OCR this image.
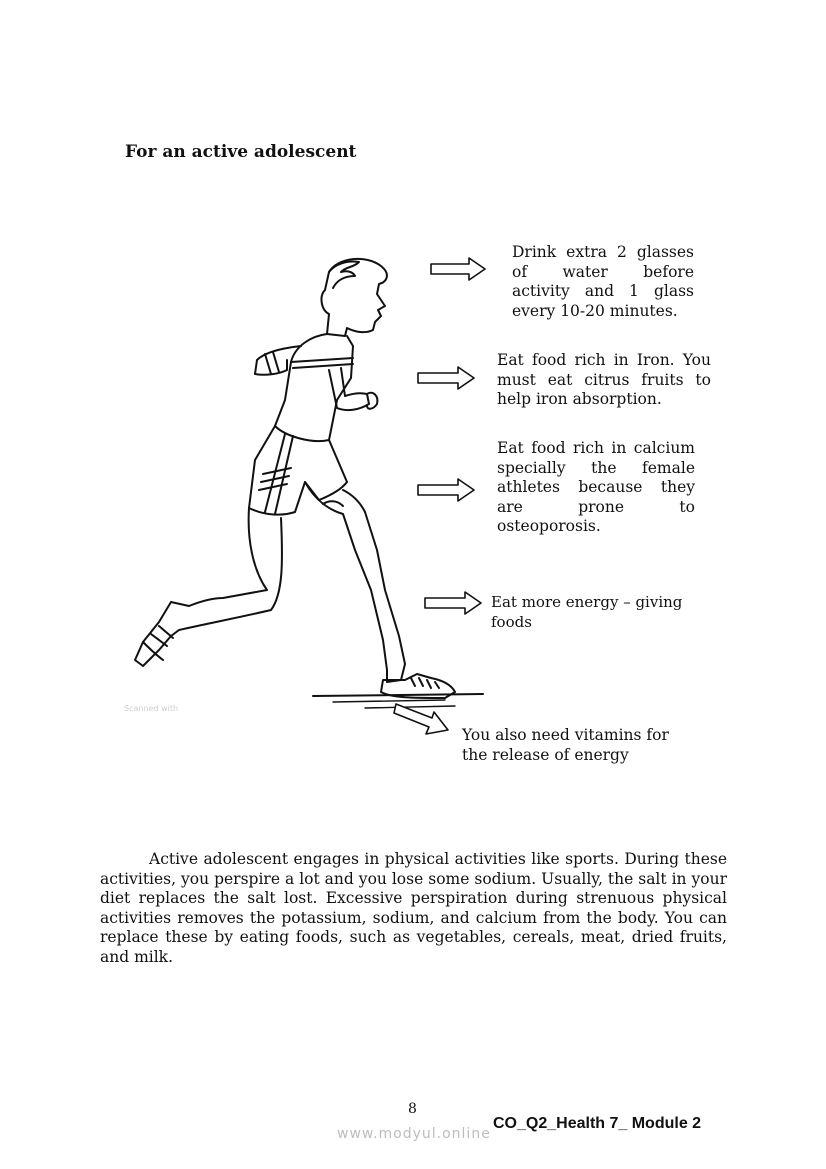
For an active adolescent

Drink extra 2 glasses of water before activity and 1 glass every 10-20 minutes.

Eat food rich in Iron. You must eat citrus fruits to help iron absorption.

Eat food rich in calcium specially the female athletes because they are prone to osteoporosis.

Eat more energy – giving foods

You also need vitamins for the release of energy

Scanned with

Active adolescent engages in physical activities like sports. During these activities, you perspire a lot and you lose some sodium. Usually, the salt in your diet replaces the salt lost. Excessive perspiration during strenuous physical activities removes the potassium, sodium, and calcium from the body. You can replace these by eating foods, such as vegetables, cereals, meat, dried fruits, and milk.

8
www.modyul.online
CO_Q2_Health 7_ Module 2
